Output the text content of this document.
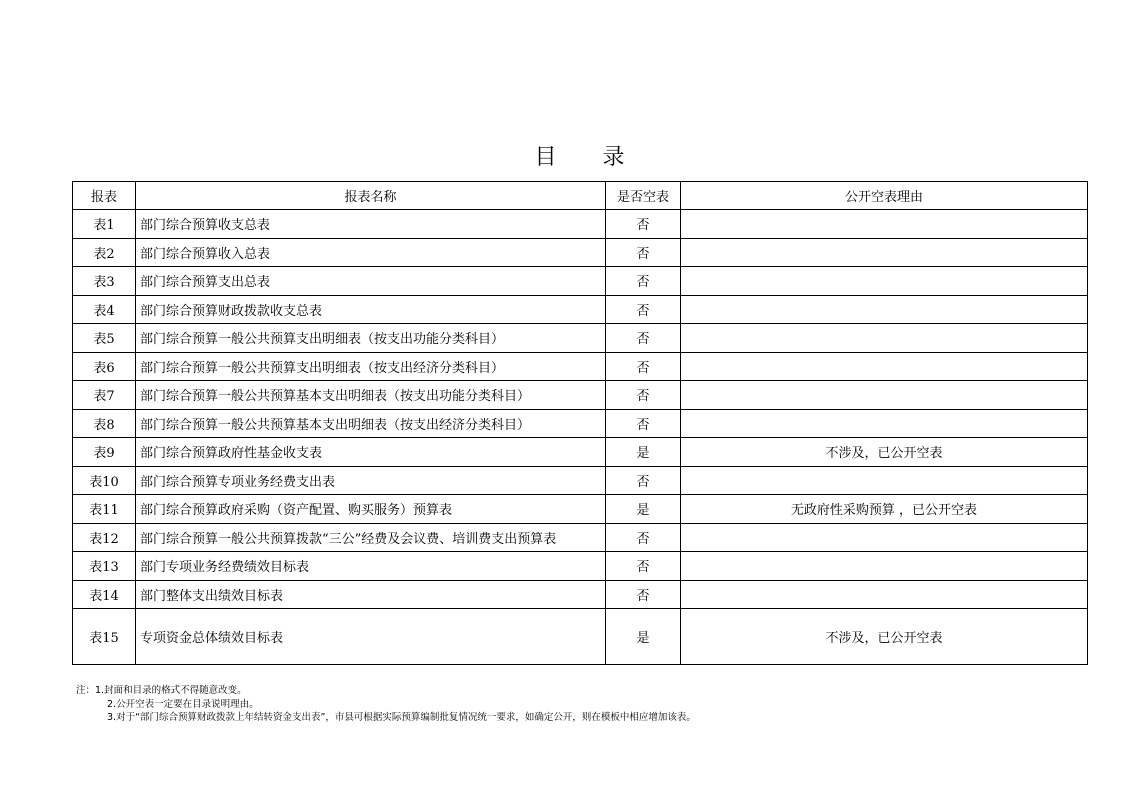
目 录
报表	报表名称	是否空表	公开空表理由
表1	部门综合预算收支总表	否	
表2	部门综合预算收入总表	否	
表3	部门综合预算支出总表	否	
表4	部门综合预算财政拨款收支总表	否	
表5	部门综合预算一般公共预算支出明细表（按支出功能分类科目）	否	
表6	部门综合预算一般公共预算支出明细表（按支出经济分类科目）	否	
表7	部门综合预算一般公共预算基本支出明细表（按支出功能分类科目）	否	
表8	部门综合预算一般公共预算基本支出明细表（按支出经济分类科目）	否	
表9	部门综合预算政府性基金收支表	是	不涉及，已公开空表
表10	部门综合预算专项业务经费支出表	否	
表11	部门综合预算政府采购（资产配置、购买服务）预算表	是	无政府性采购预算 ，已公开空表
表12	部门综合预算一般公共预算拨款“三公”经费及会议费、培训费支出预算表	否	
表13	部门专项业务经费绩效目标表	否	
表14	部门整体支出绩效目标表	否	
表15	专项资金总体绩效目标表	是	不涉及，已公开空表
注：1.封面和目录的格式不得随意改变。
2.公开空表一定要在目录说明理由。
3.对于“部门综合预算财政拨款上年结转资金支出表”，市县可根据实际预算编制批复情况统一要求，如确定公开，则在模板中相应增加该表。
